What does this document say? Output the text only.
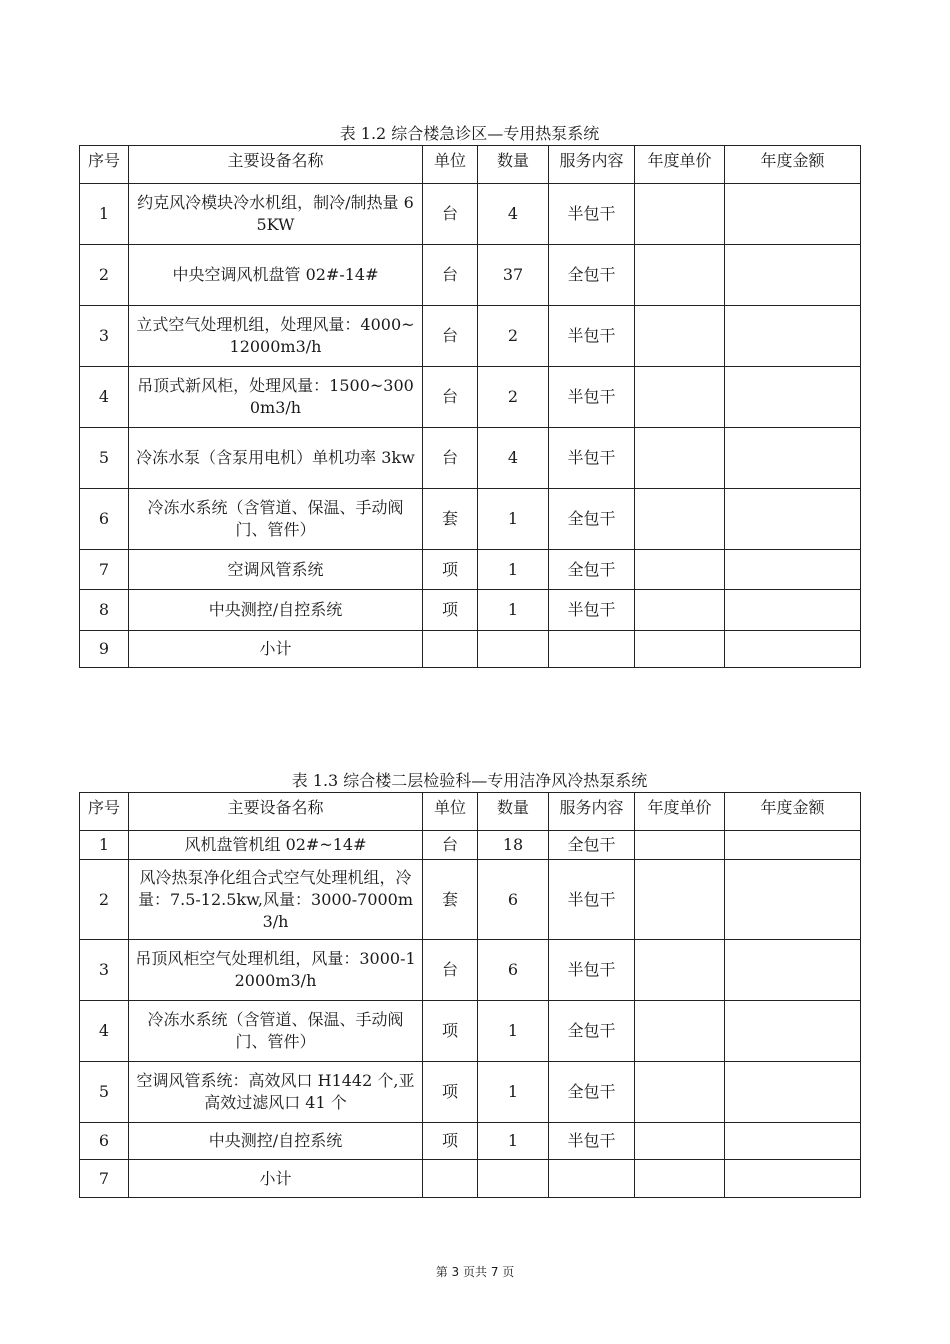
表 1.2 综合楼急诊区—专用热泵系统
序号	主要设备名称	单位	数量	服务内容	年度单价	年度金额

1	约克风冷模块冷水机组，制冷/制热量 65KW	台	4	半包干		
2	中央空调风机盘管 02#-14#	台	37	全包干		
3	立式空气处理机组，处理风量：4000~12000m3/h	台	2	半包干		
4	吊顶式新风柜，处理风量：1500~3000m3/h	台	2	半包干		
5	冷冻水泵（含泵用电机）单机功率 3kw	台	4	半包干		
6	冷冻水系统（含管道、保温、手动阀门、管件）	套	1	全包干		
7	空调风管系统	项	1	全包干		
8	中央测控/自控系统	项	1	半包干		
9	小计					
表 1.3 综合楼二层检验科—专用洁净风冷热泵系统
序号	主要设备名称	单位	数量	服务内容	年度单价	年度金额

1	风机盘管机组 02#~14#	台	18	全包干		
2	风冷热泵净化组合式空气处理机组，冷量：7.5-12.5kw,风量：3000-7000m3/h	套	6	半包干		
3	吊顶风柜空气处理机组，风量：3000-12000m3/h	台	6	半包干		
4	冷冻水系统（含管道、保温、手动阀门、管件）	项	1	全包干		
5	空调风管系统：高效风口 H1442 个,亚高效过滤风口 41 个	项	1	全包干		
6	中央测控/自控系统	项	1	半包干		
7	小计					
第 3 页共 7 页
